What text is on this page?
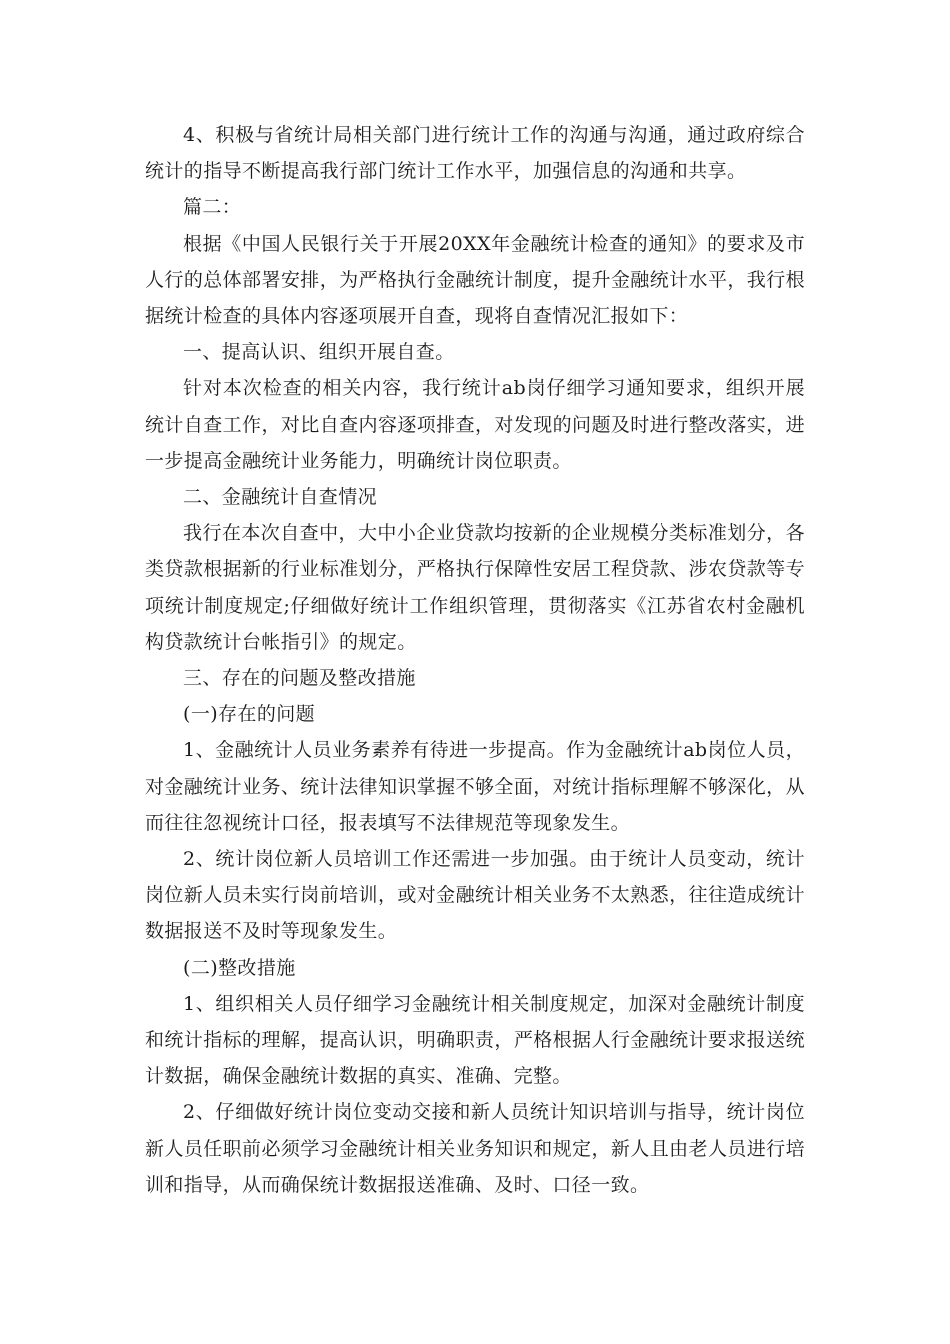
4、积极与省统计局相关部门进行统计工作的沟通与沟通，通过政府综合统计的指导不断提高我行部门统计工作水平，加强信息的沟通和共享。

篇二：

根据《中国人民银行关于开展20XX年金融统计检查的通知》的要求及市人行的总体部署安排，为严格执行金融统计制度，提升金融统计水平，我行根据统计检查的具体内容逐项展开自查，现将自查情况汇报如下：

一、提高认识、组织开展自查。

针对本次检查的相关内容，我行统计ab岗仔细学习通知要求，组织开展统计自查工作，对比自查内容逐项排查，对发现的问题及时进行整改落实，进一步提高金融统计业务能力，明确统计岗位职责。

二、金融统计自查情况

我行在本次自查中，大中小企业贷款均按新的企业规模分类标准划分，各类贷款根据新的行业标准划分，严格执行保障性安居工程贷款、涉农贷款等专项统计制度规定;仔细做好统计工作组织管理，贯彻落实《江苏省农村金融机构贷款统计台帐指引》的规定。

三、存在的问题及整改措施

(一)存在的问题

1、金融统计人员业务素养有待进一步提高。作为金融统计ab岗位人员，对金融统计业务、统计法律知识掌握不够全面，对统计指标理解不够深化，从而往往忽视统计口径，报表填写不法律规范等现象发生。

2、统计岗位新人员培训工作还需进一步加强。由于统计人员变动，统计岗位新人员未实行岗前培训，或对金融统计相关业务不太熟悉，往往造成统计数据报送不及时等现象发生。

(二)整改措施

1、组织相关人员仔细学习金融统计相关制度规定，加深对金融统计制度和统计指标的理解，提高认识，明确职责，严格根据人行金融统计要求报送统计数据，确保金融统计数据的真实、准确、完整。

2、仔细做好统计岗位变动交接和新人员统计知识培训与指导，统计岗位新人员任职前必须学习金融统计相关业务知识和规定，新人且由老人员进行培训和指导，从而确保统计数据报送准确、及时、口径一致。
